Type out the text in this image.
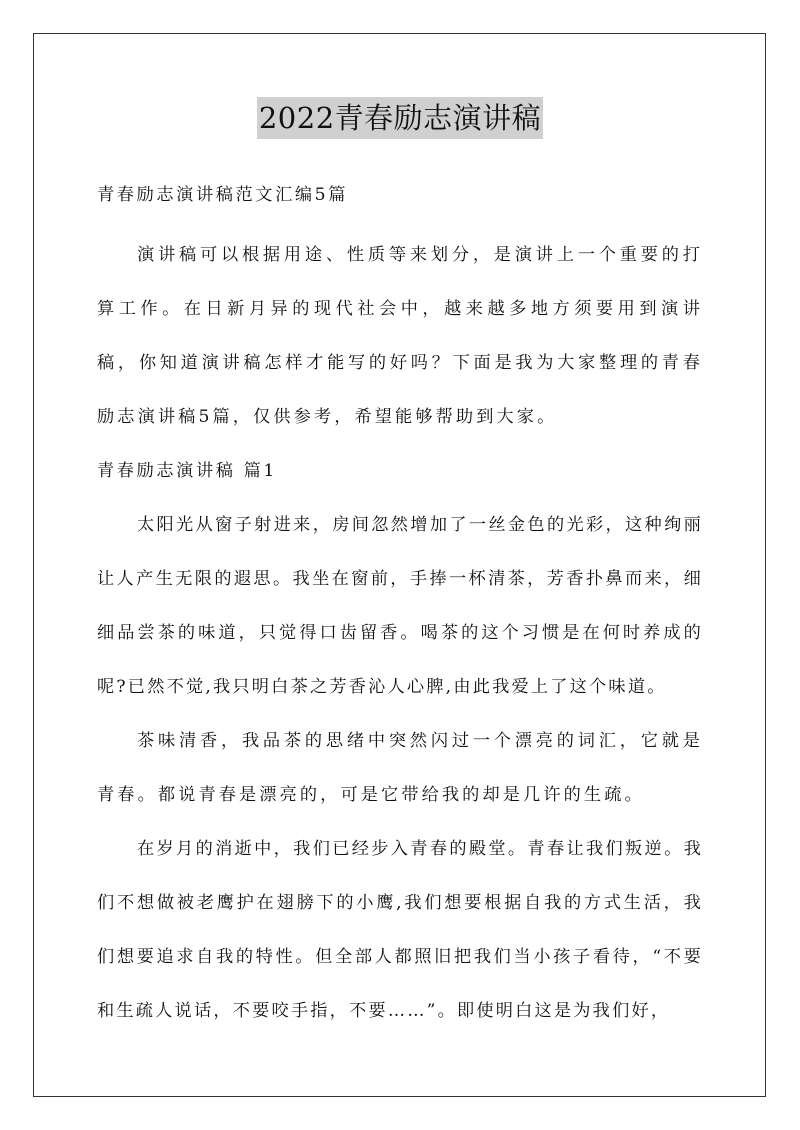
2022青春励志演讲稿
青春励志演讲稿范文汇编5篇

演讲稿可以根据用途、性质等来划分，是演讲上一个重要的打算工作。在日新月异的现代社会中，越来越多地方须要用到演讲稿，你知道演讲稿怎样才能写的好吗？下面是我为大家整理的青春励志演讲稿5篇，仅供参考，希望能够帮助到大家。

青春励志演讲稿 篇1

太阳光从窗子射进来，房间忽然增加了一丝金色的光彩，这种绚丽让人产生无限的遐思。我坐在窗前，手捧一杯清茶，芳香扑鼻而来，细细品尝茶的味道，只觉得口齿留香。喝茶的这个习惯是在何时养成的呢?已然不觉,我只明白茶之芳香沁人心脾,由此我爱上了这个味道。

茶味清香，我品茶的思绪中突然闪过一个漂亮的词汇，它就是青春。都说青春是漂亮的，可是它带给我的却是几许的生疏。

在岁月的消逝中，我们已经步入青春的殿堂。青春让我们叛逆。我们不想做被老鹰护在翅膀下的小鹰,我们想要根据自我的方式生活，我们想要追求自我的特性。但全部人都照旧把我们当小孩子看待，“不要和生疏人说话，不要咬手指，不要……”。即使明白这是为我们好，
